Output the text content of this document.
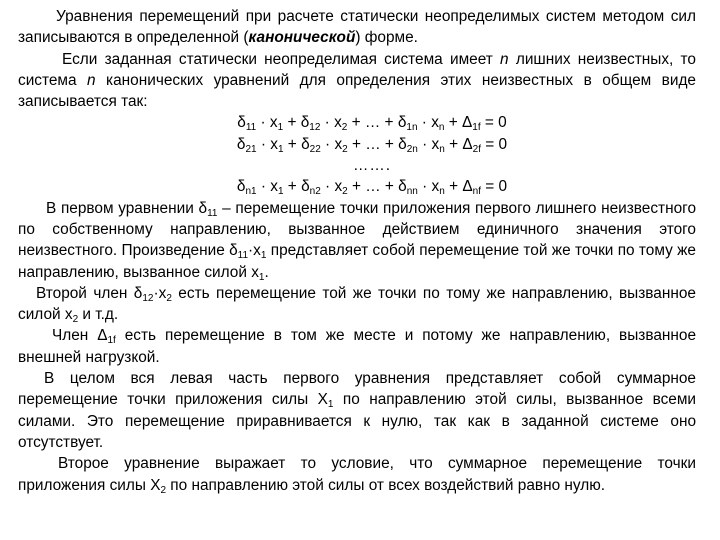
Уравнения перемещений при расчете статически неопределимых систем методом сил записываются в определенной (канонической) форме.

Если заданная статически неопределимая система имеет n лишних неизвестных, то система n канонических уравнений для определения этих неизвестных в общем виде записывается так:

$\delta_{11} \cdot x_1 + \delta_{12} \cdot x_2$ + … + $\delta_{1n} \cdot x_n + \Delta_{1f} = 0$

$\delta_{21} \cdot x_1 + \delta_{22} \cdot x_2$ + … + $\delta_{2n} \cdot x_n + \Delta_{2f} = 0$

…….

$\delta_{n1} \cdot x_1 + \delta_{n2} \cdot x_2$ + … + $\delta_{nn} \cdot x_n + \Delta_{nf} = 0$

В первом уравнении $\delta_{11}$ – перемещение точки приложения первого лишнего неизвестного по собственному направлению, вызванное действием единичного значения этого неизвестного. Произведение $\delta_{11}\cdot x_1$ представляет собой перемещение той же точки по тому же направлению, вызванное силой $x_1$.

Второй член $\delta_{12}\cdot x_2$ есть перемещение той же точки по тому же направлению, вызванное силой $x_2$ и т.д.

Член $\Delta_{1f}$ есть перемещение в том же месте и потому же направлению, вызванное внешней нагрузкой.

В целом вся левая часть первого уравнения представляет собой суммарное перемещение точки приложения силы $X_1$ по направлению этой силы, вызванное всеми силами. Это перемещение приравнивается к нулю, так как в заданной системе оно отсутствует.

Второе уравнение выражает то условие, что суммарное перемещение точки приложения силы $X_2$ по направлению этой силы от всех воздействий равно нулю.
